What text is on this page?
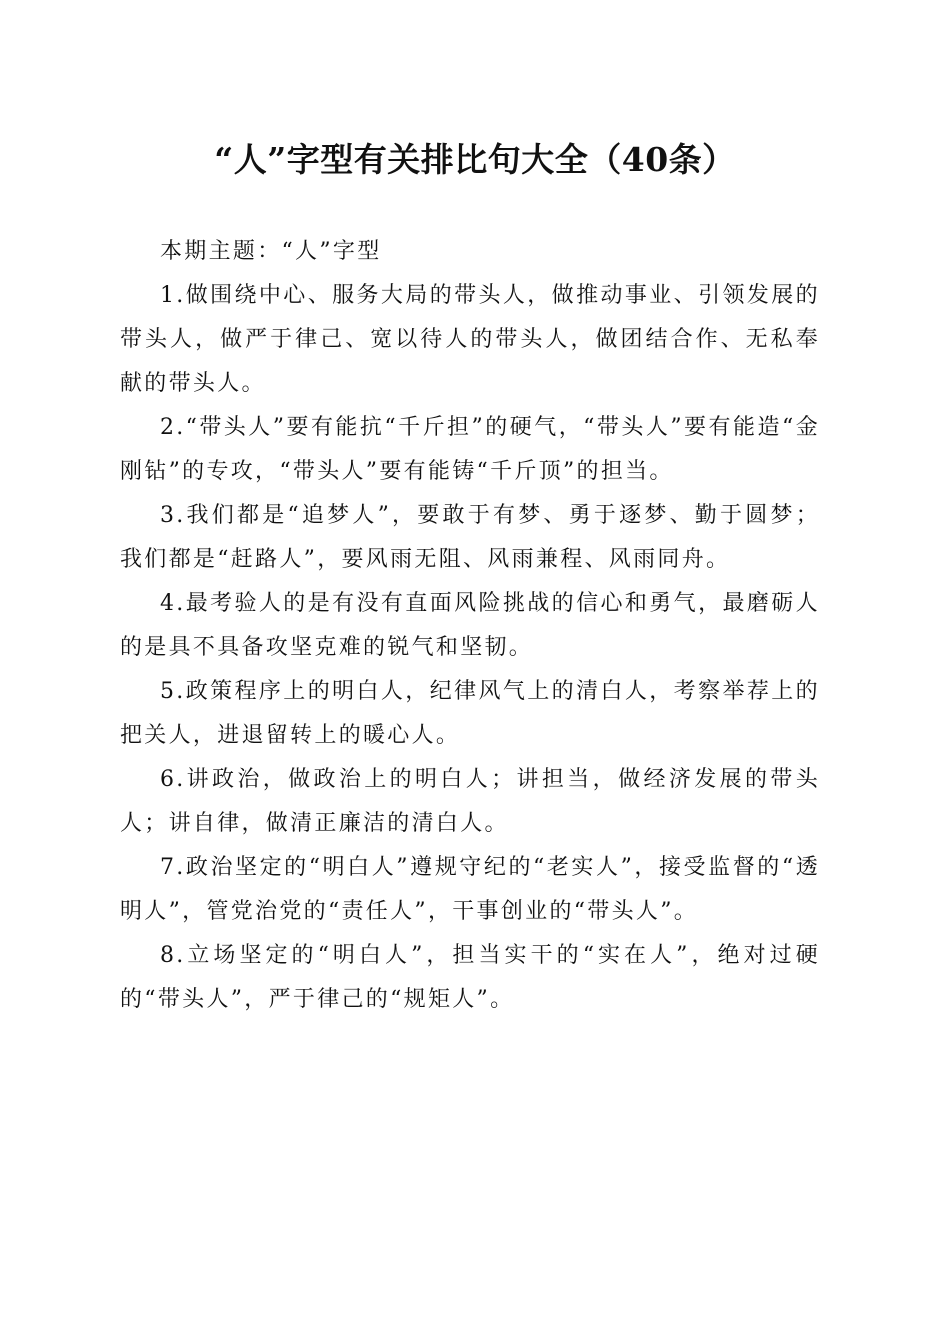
“人”字型有关排比句大全（40条）

本期主题：“人”字型

1.做围绕中心、服务大局的带头人，做推动事业、引领发展的带头人，做严于律己、宽以待人的带头人，做团结合作、无私奉献的带头人。

2.“带头人”要有能抗“千斤担”的硬气，“带头人”要有能造“金刚钻”的专攻，“带头人”要有能铸“千斤顶”的担当。

3.我们都是“追梦人”，要敢于有梦、勇于逐梦、勤于圆梦；我们都是“赶路人”，要风雨无阻、风雨兼程、风雨同舟。

4.最考验人的是有没有直面风险挑战的信心和勇气，最磨砺人的是具不具备攻坚克难的锐气和坚韧。

5.政策程序上的明白人，纪律风气上的清白人，考察举荐上的把关人，进退留转上的暖心人。

6.讲政治，做政治上的明白人；讲担当，做经济发展的带头人；讲自律，做清正廉洁的清白人。

7.政治坚定的“明白人”遵规守纪的“老实人”，接受监督的“透明人”，管党治党的“责任人”，干事创业的“带头人”。

8.立场坚定的“明白人”，担当实干的“实在人”，绝对过硬的“带头人”，严于律己的“规矩人”。
